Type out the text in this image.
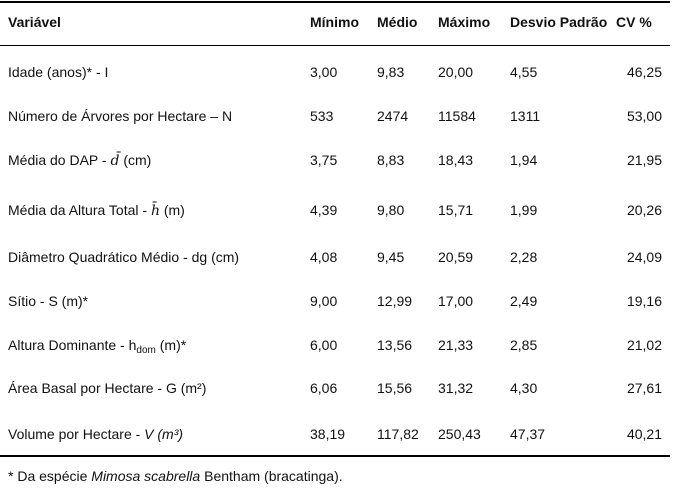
Variável	Mínimo Médio Máximo Desvio Padrão CV %
Idade (anos)* - I	3,00	9,83 20,00	4,55	46,25
Número de Árvores por Hectare – N	533	2474 11584 1311	53,00
Média do DAP - d̄ (cm)	3,75	8,83 18,43	1,94	21,95
Média da Altura Total - h̄ (m)	4,39	9,80 15,71	1,99	20,26
Diâmetro Quadrático Médio - dg (cm)	4,08	9,45 20,59	2,28	24,09
Sítio - S (m)*	9,00	12,99 17,00	2,49	19,16
Altura Dominante - $h_{dom}$ (m)*	6,00	13,56 21,33	2,85	21,02
Área Basal por Hectare - G (m²)	6,06	15,56 31,32	4,30	27,61
Volume por Hectare - V (m³)	38,19 117,82 250,43 47,37	40,21
* Da espécie Mimosa scabrella Bentham (bracatinga).
